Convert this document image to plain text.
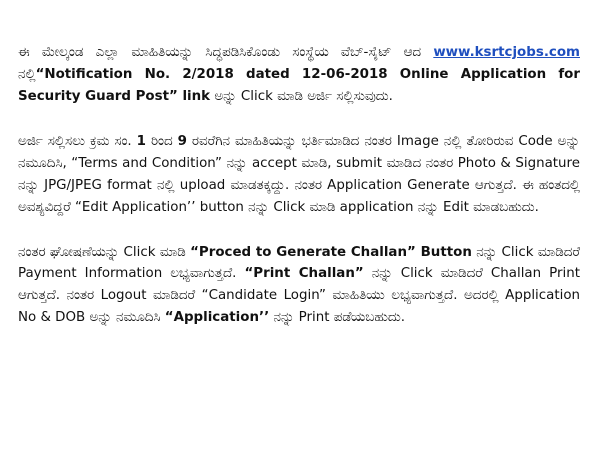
ಈ ಮೇಲ್ಕಂಡ ಎಲ್ಲಾ ಮಾಹಿತಿಯನ್ನು ಸಿದ್ಧಪಡಿಸಿಕೊಂಡು ಸಂಸ್ಥೆಯ ವೆಬ್-ಸೈಟ್ ಆದ www.ksrtcjobs.com ನಲ್ಲಿ“Notification No. 2/2018 dated 12-06-2018 Online Application for Security Guard Post” link ಅನ್ನು Click ಮಾಡಿ ಅರ್ಜಿ ಸಲ್ಲಿಸುವುದು.

ಅರ್ಜಿ ಸಲ್ಲಿಸಲು ಕ್ರಮ ಸಂ. 1 ರಿಂದ 9 ರವರೆಗಿನ ಮಾಹಿತಿಯನ್ನು ಭರ್ತಿಮಾಡಿದ ನಂತರ Image ನಲ್ಲಿ ತೋರಿರುವ Code ಅನ್ನು ನಮೂದಿಸಿ, “Terms and Condition” ನನ್ನು accept ಮಾಡಿ, submit ಮಾಡಿದ ನಂತರ Photo & Signature ನನ್ನು JPG/JPEG format ನಲ್ಲಿ upload ಮಾಡತಕ್ಕದ್ದು. ನಂತರ Application Generate ಆಗುತ್ತದೆ. ಈ ಹಂತದಲ್ಲಿ ಅವಶ್ಯವಿದ್ದರೆ “Edit Application’’ button ನನ್ನು Click ಮಾಡಿ application ನನ್ನು Edit ಮಾಡಬಹುದು.

ನಂತರ ಘೋಷಣೆಯನ್ನು Click ಮಾಡಿ “Proced to Generate Challan” Button ನನ್ನು Click ಮಾಡಿದರೆ Payment Information ಲಭ್ಯವಾಗುತ್ತದೆ. “Print Challan” ನನ್ನು Click ಮಾಡಿದರೆ Challan Print ಆಗುತ್ತದೆ. ನಂತರ Logout ಮಾಡಿದರೆ “Candidate Login” ಮಾಹಿತಿಯು ಲಭ್ಯವಾಗುತ್ತದೆ. ಅದರಲ್ಲಿ Application No & DOB ಅನ್ನು ನಮೂದಿಸಿ “Application’’ ನನ್ನು Print ಪಡೆಯಬಹುದು.
